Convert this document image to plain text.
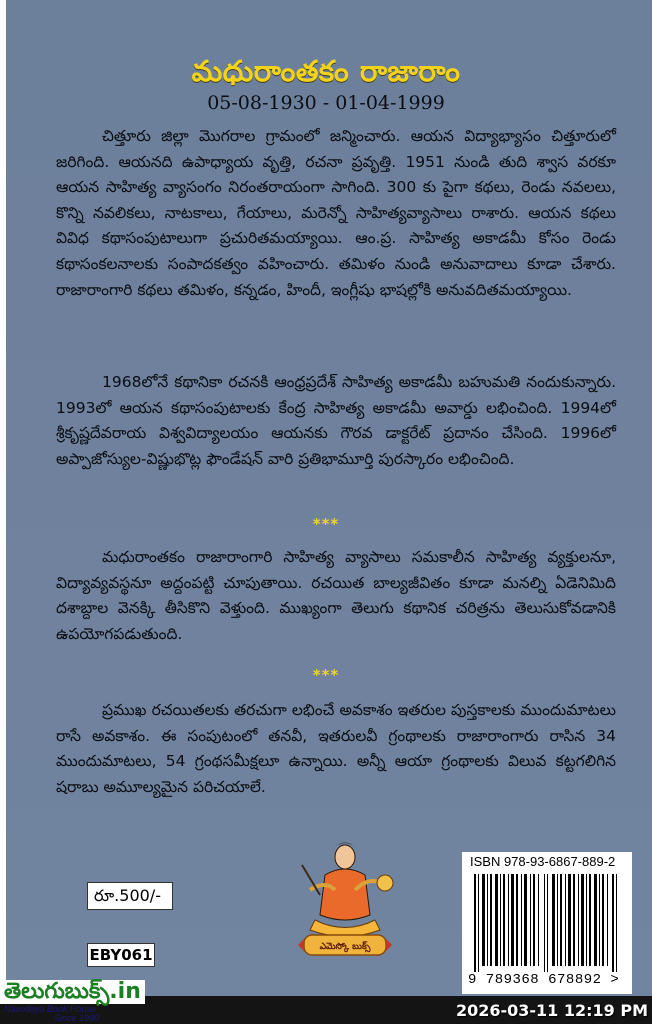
మధురాంతకం రాజారాం
05-08-1930 - 01-04-1999

చిత్తూరు జిల్లా మొగరాల గ్రామంలో జన్మించారు. ఆయన విద్యాభ్యాసం చిత్తూరులో జరిగింది. ఆయనది ఉపాధ్యాయ వృత్తి, రచనా ప్రవృత్తి. 1951 నుండి తుది శ్వాస వరకూ ఆయన సాహిత్య వ్యాసంగం నిరంతరాయంగా సాగింది. 300 కు పైగా కథలు, రెండు నవలలు, కొన్ని నవలికలు, నాటకాలు, గేయాలు, మరెన్నో సాహిత్యవ్యాసాలు రాశారు. ఆయన కథలు వివిధ కథాసంపుటాలుగా ప్రచురితమయ్యాయి. ఆం.ప్ర. సాహిత్య అకాడమీ కోసం రెండు కథాసంకలనాలకు సంపాదకత్వం వహించారు. తమిళం నుండి అనువాదాలు కూడా చేశారు. రాజారాంగారి కథలు తమిళం, కన్నడం, హిందీ, ఇంగ్లీషు భాషల్లోకి అనువదితమయ్యాయి.

1968లోనే కథానికా రచనకి ఆంధ్రప్రదేశ్ సాహిత్య అకాడమీ బహుమతి నందుకున్నారు. 1993లో ఆయన కథాసంపుటాలకు కేంద్ర సాహిత్య అకాడమీ అవార్డు లభించింది. 1994లో శ్రీకృష్ణదేవరాయ విశ్వవిద్యాలయం ఆయనకు గౌరవ డాక్టరేట్ ప్రదానం చేసింది. 1996లో అప్పాజోస్యుల-విష్ణుభొట్ల ఫౌండేషన్ వారి ప్రతిభామూర్తి పురస్కారం లభించింది.

***

మధురాంతకం రాజారాంగారి సాహిత్య వ్యాసాలు సమకాలీన సాహిత్య వ్యక్తులనూ, విద్యావ్యవస్థనూ అద్దంపట్టి చూపుతాయి. రచయిత బాల్యజీవితం కూడా మనల్ని ఏడెనిమిది దశాబ్దాల వెనక్కి తీసికొని వెళ్తుంది. ముఖ్యంగా తెలుగు కథానిక చరిత్రను తెలుసుకోవడానికి ఉపయోగపడుతుంది.

***

ప్రముఖ రచయితలకు తరచుగా లభించే అవకాశం ఇతరుల పుస్తకాలకు ముందుమాటలు రాసే అవకాశం. ఈ సంపుటంలో తనవీ, ఇతరులవీ గ్రంథాలకు రాజారాంగారు రాసిన 34 ముందుమాటలు, 54 గ్రంథసమీక్షలూ ఉన్నాయి. అన్నీ ఆయా గ్రంథాలకు విలువ కట్టగలిగిన షరాబు అమూల్యమైన పరిచయాలే.

రూ.500/-
EBY061	ఎమెస్కో బుక్స్
ISBN 978-93-6867-889-2
9 789368 678892 >
తెలుగుబుక్స్.in
Navodaya Book House
Since 1990	2026-03-11 12:19 PM
